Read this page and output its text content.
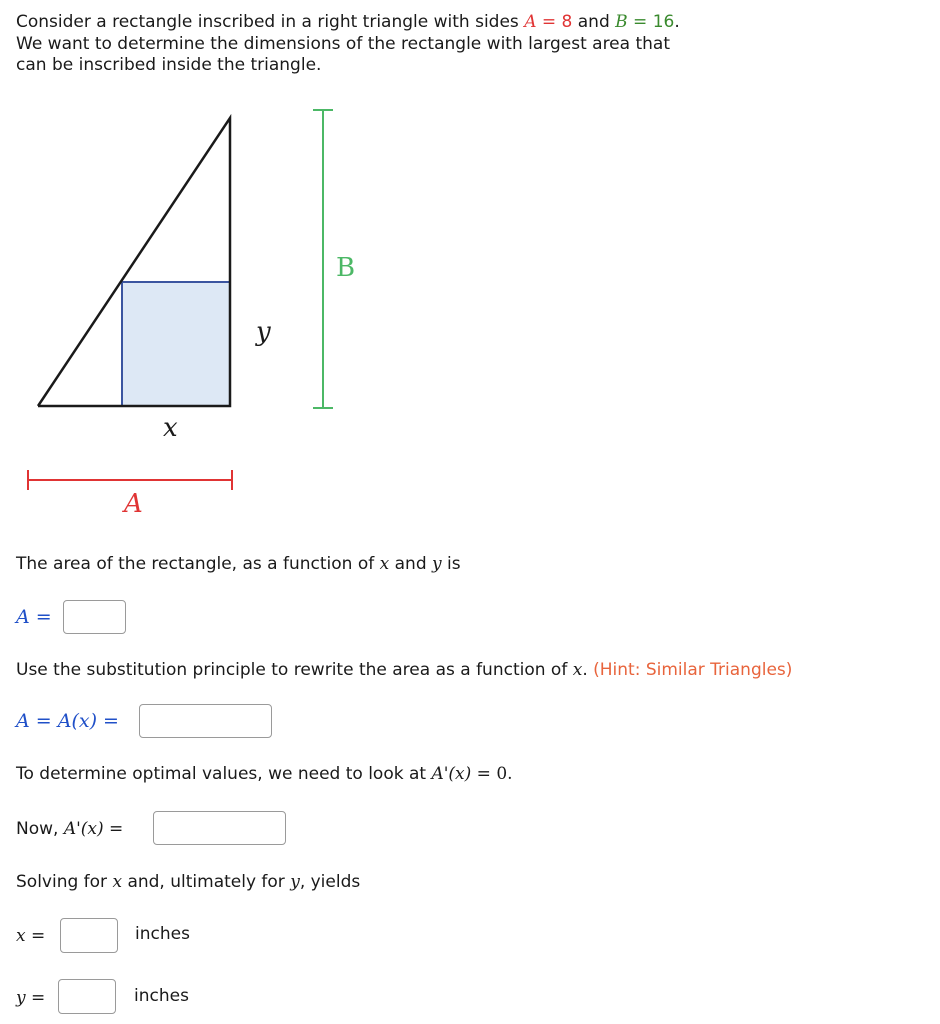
Consider a rectangle inscribed in a right triangle with sides A = 8 and B = 16.
We want to determine the dimensions of the rectangle with largest area that
can be inscribed inside the triangle.
B
y
x
A
The area of the rectangle, as a function of x and y is
A =
Use the substitution principle to rewrite the area as a function of x. (Hint: Similar Triangles)
A = A(x) =
To determine optimal values, we need to look at A'(x) = 0.
Now, A'(x) =
Solving for x and, ultimately for y, yields
x =	inches
y =	inches
